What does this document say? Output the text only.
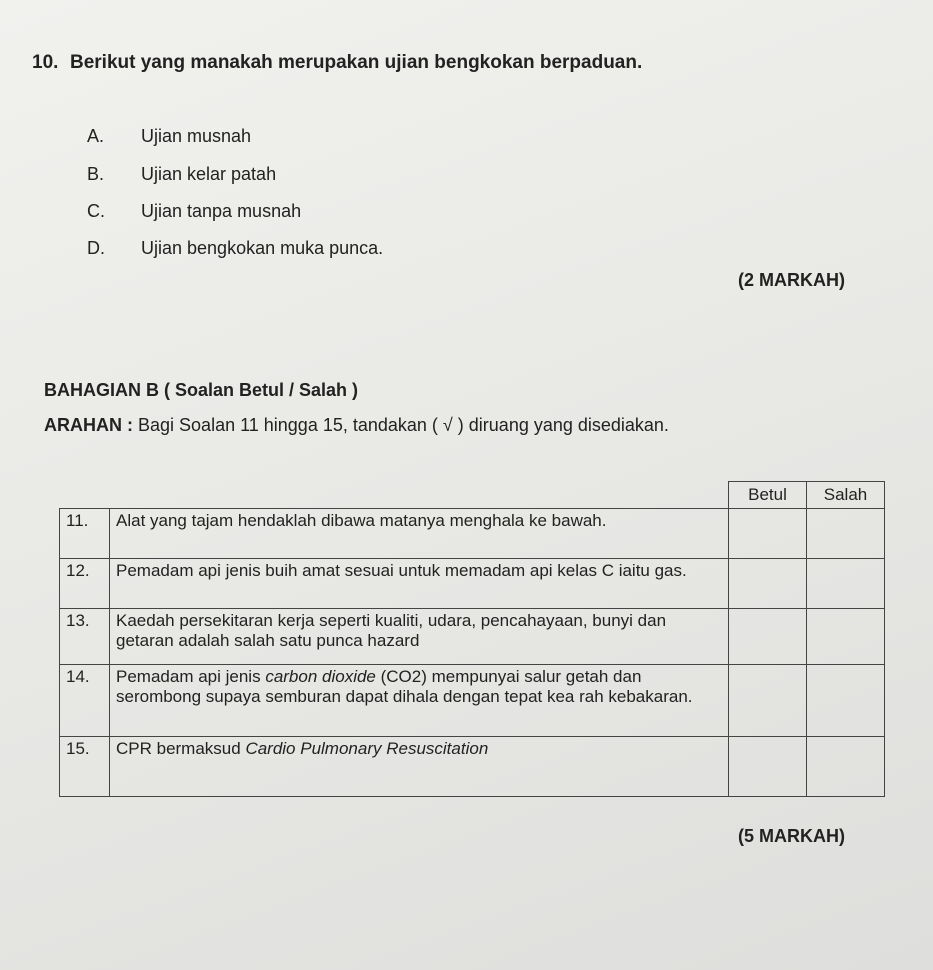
10. Berikut yang manakah merupakan ujian bengkokan berpaduan.
A. Ujian musnah
B. Ujian kelar patah
C. Ujian tanpa musnah
D. Ujian bengkokan muka punca.
(2 MARKAH)
BAHAGIAN B ( Soalan Betul / Salah )
ARAHAN : Bagi Soalan 11 hingga 15, tandakan ( √ ) diruang yang disediakan.
		Betul	Salah
11.	Alat yang tajam hendaklah dibawa matanya menghala ke bawah.		
12.	Pemadam api jenis buih amat sesuai untuk memadam api kelas C iaitu gas.		
13.	Kaedah persekitaran kerja seperti kualiti, udara, pencahayaan, bunyi dan getaran adalah salah satu punca hazard		
14.	Pemadam api jenis carbon dioxide (CO2) mempunyai salur getah dan serombong supaya semburan dapat dihala dengan tepat kea rah kebakaran.		
15.	CPR bermaksud Cardio Pulmonary Resuscitation		
(5 MARKAH)
